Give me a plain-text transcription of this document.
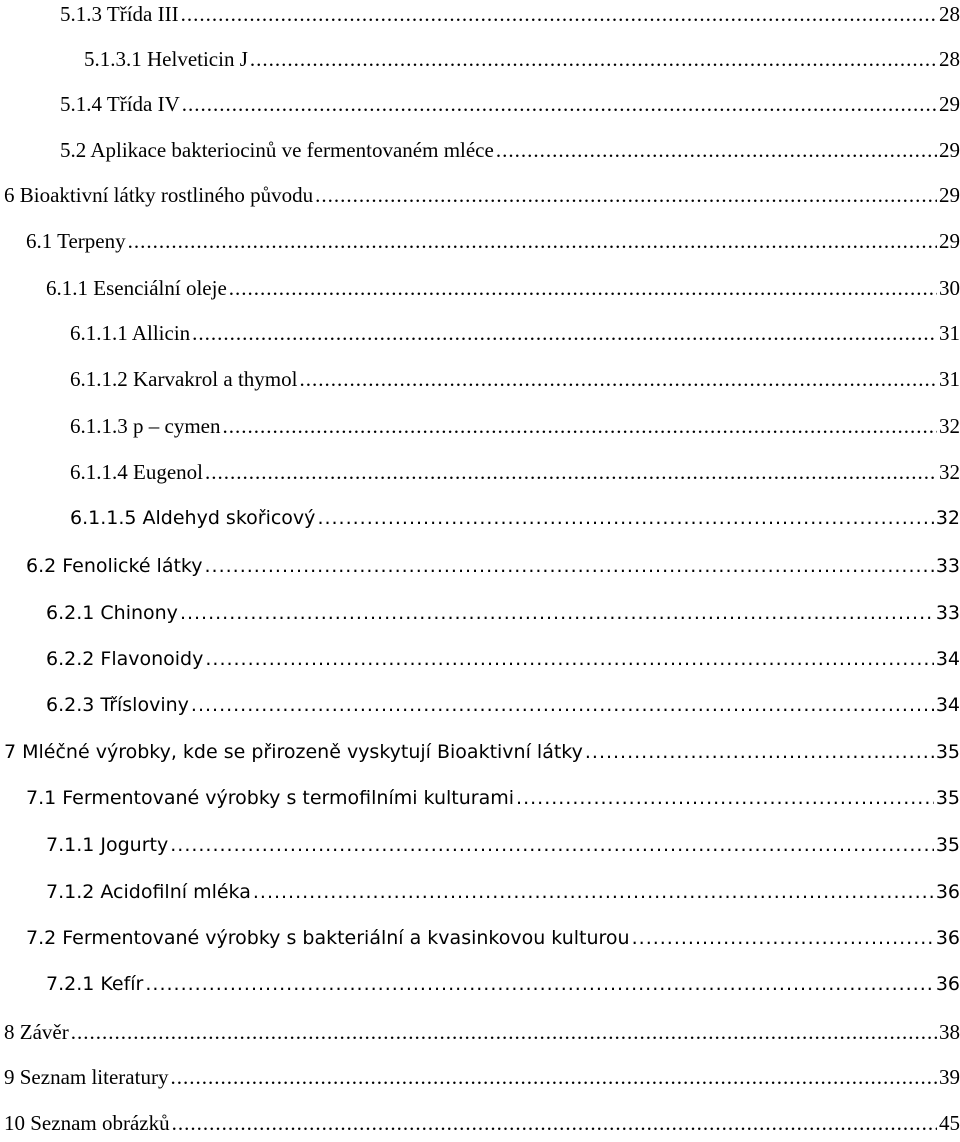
5.1.3 Třída III .....	28
5.1.3.1 Helveticin J .....	28
5.1.4 Třída IV .....	29
5.2 Aplikace bakteriocinů ve fermentovaném mléce .....	29
6 Bioaktivní látky rostliného původu .....	29
6.1 Terpeny .....	29
6.1.1 Esenciální oleje .....	30
6.1.1.1 Allicin .....	31
6.1.1.2 Karvakrol a thymol .....	31
6.1.1.3 p – cymen .....	32
6.1.1.4 Eugenol .....	32
6.1.1.5 Aldehyd skořicový .....	32
6.2 Fenolické látky .....	33
6.2.1 Chinony .....	33
6.2.2 Flavonoidy .....	34
6.2.3 Třísloviny .....	34
7 Mléčné výrobky, kde se přirozeně vyskytují Bioaktivní látky .....	35
7.1 Fermentované výrobky s termofilními kulturami .....	35
7.1.1 Jogurty .....	35
7.1.2 Acidofilní mléka .....	36
7.2 Fermentované výrobky s bakteriální a kvasinkovou kulturou .....	36
7.2.1 Kefír .....	36
8 Závěr .....	38
9 Seznam literatury .....	39
10 Seznam obrázků .....	45
